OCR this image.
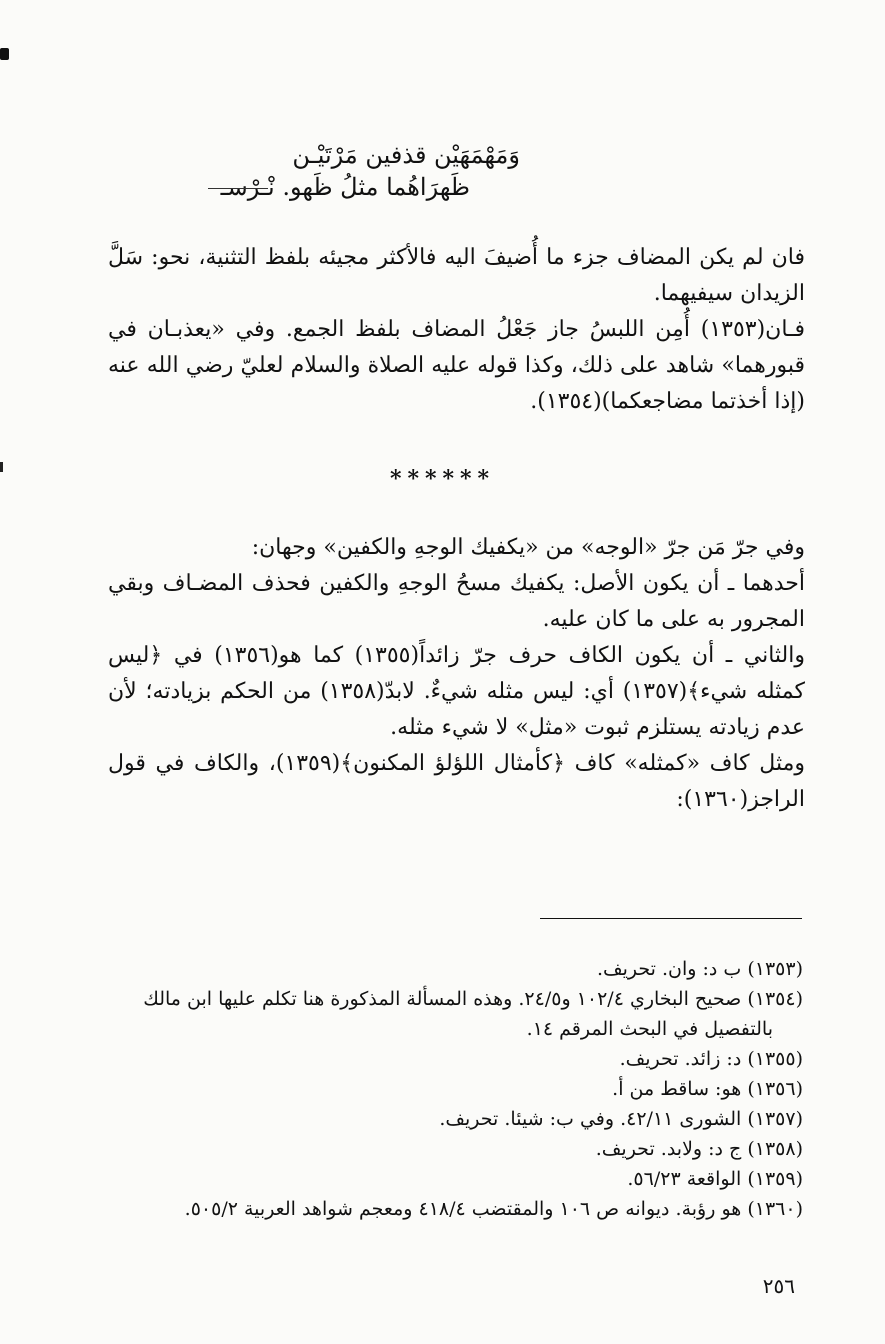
وَمَهْمَهَيْن قذفين مَرْتَيْـن
ظَهرَاهُما مثلُ ظَهو. نْـرْسـ

فان لم يكن المضاف جزء ما أُضيفَ اليه فالأكثر مجيئه بلفظ التثنية، نحو: سَلَّ الزيدان سيفيهما.

فـان(١٣٥٣) أُمِن اللبسُ جاز جَعْلُ المضاف بلفظ الجمع. وفي «يعذبـان في قبورهما» شاهد على ذلك، وكذا قوله عليه الصلاة والسلام لعليّ رضي الله عنه (إذا أخذتما مضاجعكما)(١٣٥٤).

******

وفي جرّ مَن جرّ «الوجه» من «يكفيك الوجهِ والكفين» وجهان:

أحدهما ـ أن يكون الأصل: يكفيك مسحُ الوجهِ والكفين فحذف المضـاف وبقي المجرور به على ما كان عليه.

والثاني ـ أن يكون الكاف حرف جرّ زائداً(١٣٥٥) كما هو(١٣٥٦) في ﴿ليس كمثله شيء﴾(١٣٥٧) أي: ليس مثله شيءٌ. لابدّ(١٣٥٨) من الحكم بزيادته؛ لأن عدم زيادته يستلزم ثبوت «مثل» لا شيء مثله.

ومثل كاف «كمثله» كاف ﴿كأمثال اللؤلؤ المكنون﴾(١٣٥٩)، والكاف في قول الراجز(١٣٦٠):

(١٣٥٣) ب د: وان. تحريف.

(١٣٥٤) صحيح البخاري ١٠٢/٤ و٢٤/٥. وهذه المسألة المذكورة هنا تكلم عليها ابن مالك

بالتفصيل في البحث المرقم ١٤.

(١٣٥٥) د: زائد. تحريف.

(١٣٥٦) هو: ساقط من أ.

(١٣٥٧) الشورى ٤٢/١١. وفي ب: شيئا. تحريف.

(١٣٥٨) ج د: ولابد. تحريف.

(١٣٥٩) الواقعة ٥٦/٢٣.

(١٣٦٠) هو رؤبة. ديوانه ص ١٠٦ والمقتضب ٤١٨/٤ ومعجم شواهد العربية ٥٠٥/٢.

٢٥٦
